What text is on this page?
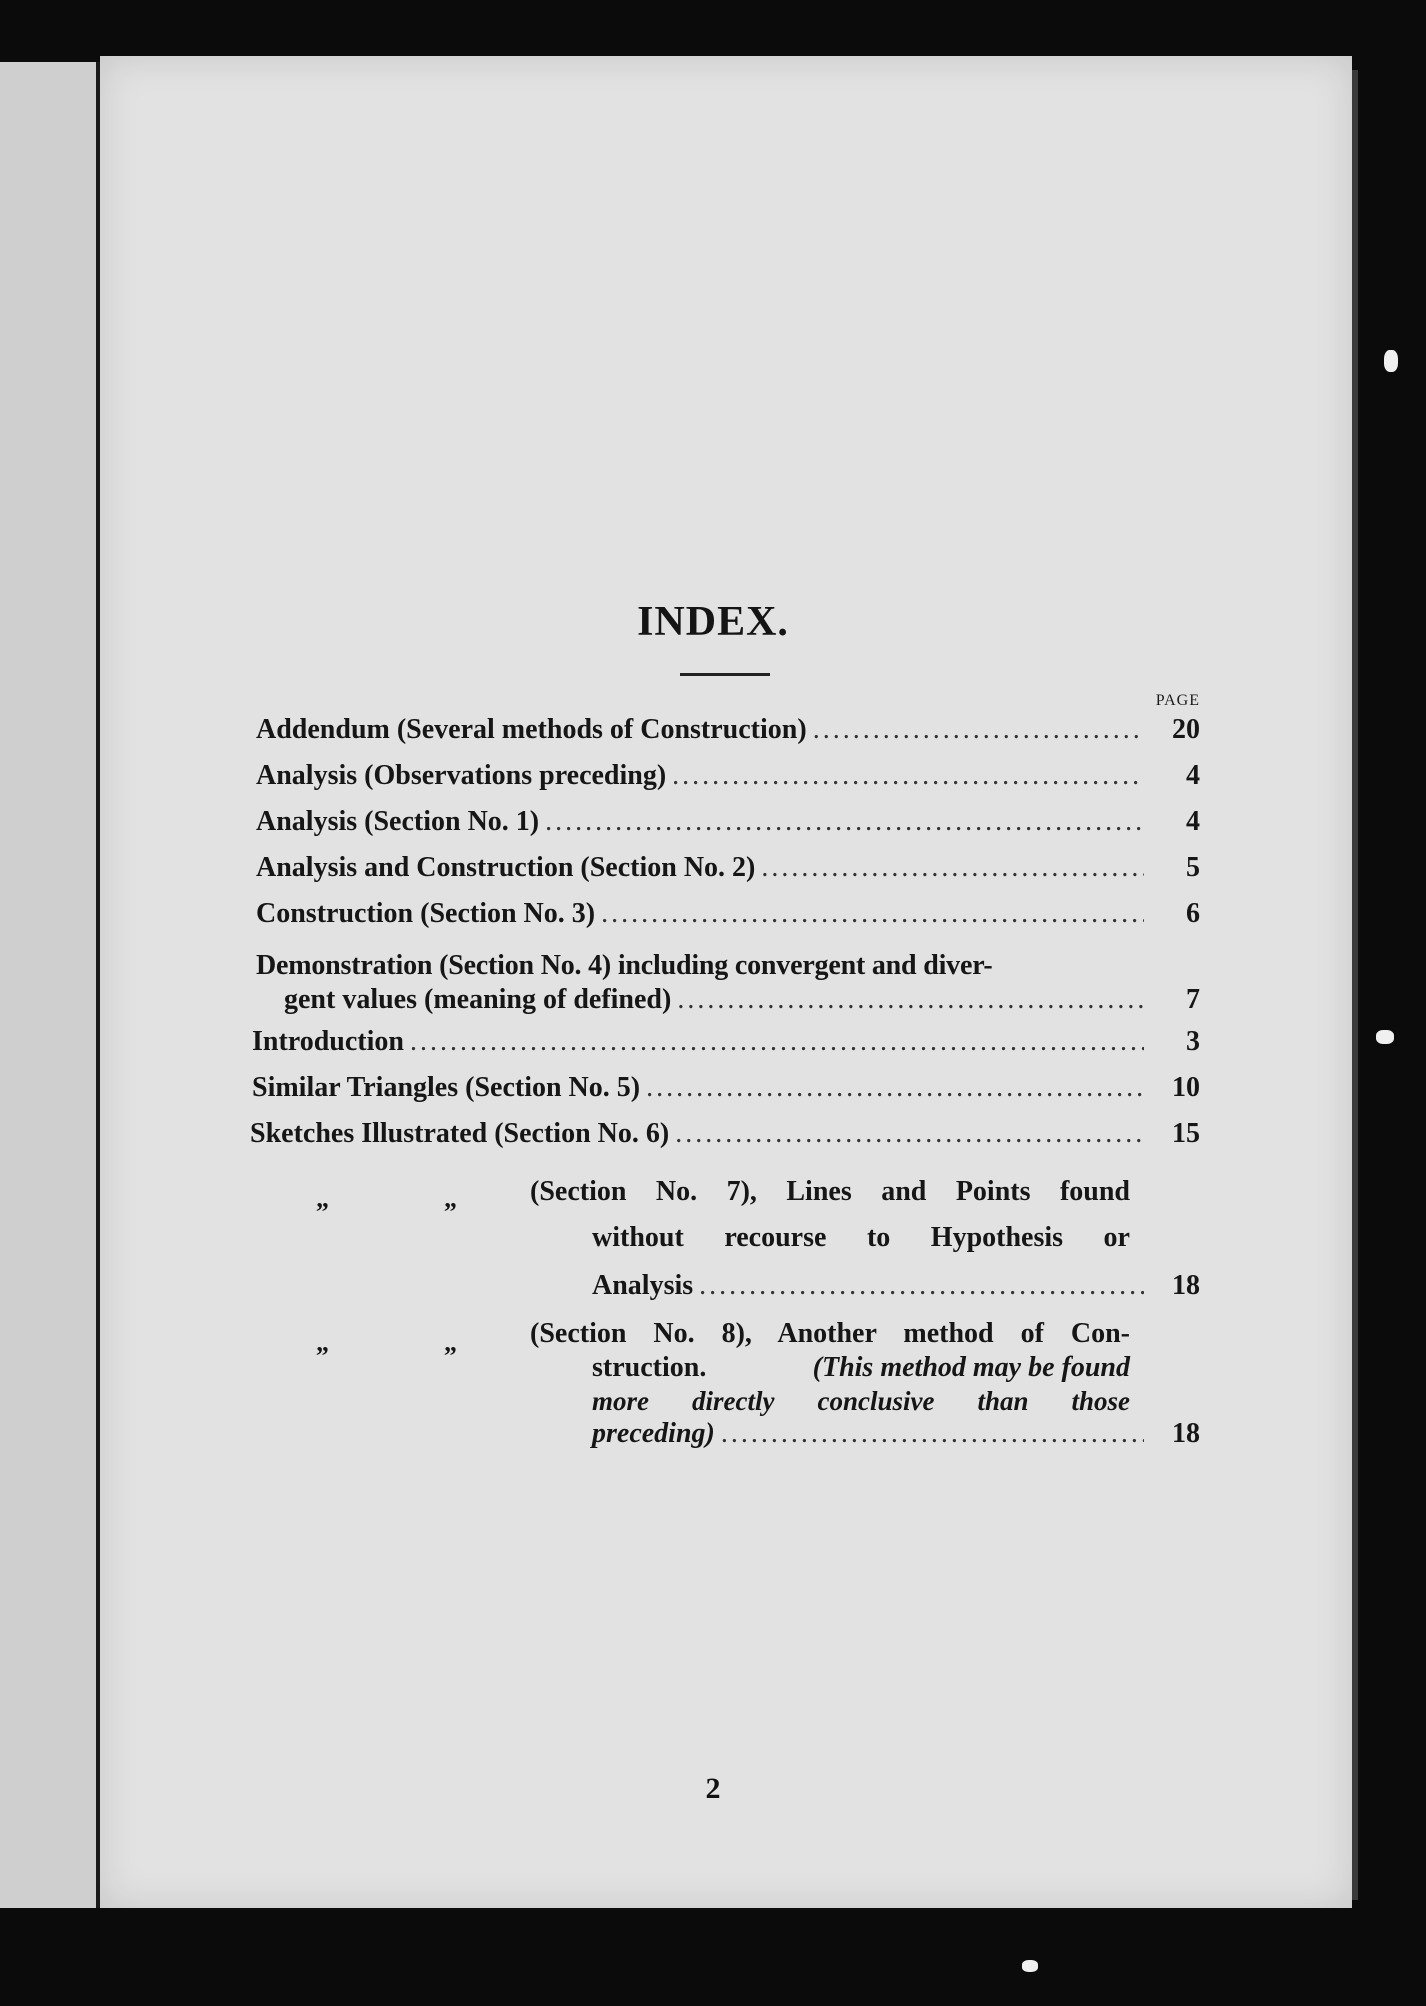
INDEX.
PAGE
Addendum (Several methods of Construction) .....	20
Analysis (Observations preceding) .....	4
Analysis (Section No. 1) .....	4
Analysis and Construction (Section No. 2) .....	5
Construction (Section No. 3) .....	6
Demonstration (Section No. 4) including convergent and diver-
gent values (meaning of defined) .....	7
Introduction .....	3
Similar Triangles (Section No. 5) .....	10
Sketches Illustrated (Section No. 6) .....	15
„	„	(Section No. 7), Lines and Points found
without recourse to Hypothesis or
Analysis .....	18
„	„	(Section No. 8), Another method of Con-
struction.	(This method may be found
more directly conclusive than those
preceding) .....	18
2
